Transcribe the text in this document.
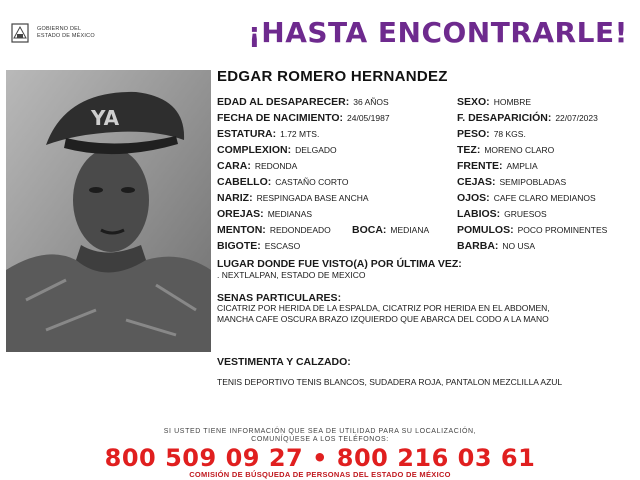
GOBIERNO DEL
ESTADO DE MÉXICO	¡HASTA ENCONTRARLE!
YA
EDGAR ROMERO HERNANDEZ
EDAD AL DESAPARECER: 36 AÑOS	SEXO: HOMBRE
FECHA DE NACIMIENTO: 24/05/1987	F. DESAPARICIÓN: 22/07/2023
ESTATURA: 1.72 MTS.	PESO: 78 KGS.
COMPLEXION: DELGADO	TEZ: MORENO CLARO
CARA: REDONDA	FRENTE: AMPLIA
CABELLO: CASTAÑO CORTO	CEJAS: SEMIPOBLADAS
NARIZ: RESPINGADA BASE ANCHA	OJOS: CAFE CLARO MEDIANOS
OREJAS: MEDIANAS	LABIOS: GRUESOS
MENTON: REDONDEADO BOCA: MEDIANA	POMULOS: POCO PROMINENTES
BIGOTE: ESCASO	BARBA: NO USA
LUGAR DONDE FUE VISTO(A) POR ÚLTIMA VEZ:
. NEXTLALPAN, ESTADO DE MEXICO
SENAS PARTICULARES:
CICATRIZ POR HERIDA DE LA ESPALDA, CICATRIZ POR HERIDA EN EL ABDOMEN,
MANCHA CAFE OSCURA BRAZO IZQUIERDO QUE ABARCA DEL CODO A LA MANO
VESTIMENTA Y CALZADO:
TENIS DEPORTIVO TENIS BLANCOS, SUDADERA ROJA, PANTALON MEZCLILLA AZUL
SI USTED TIENE INFORMACIÓN QUE SEA DE UTILIDAD PARA SU LOCALIZACIÓN,
COMUNÍQUESE A LOS TELÉFONOS:
800 509 09 27 • 800 216 03 61
COMISIÓN DE BÚSQUEDA DE PERSONAS DEL ESTADO DE MÉXICO
